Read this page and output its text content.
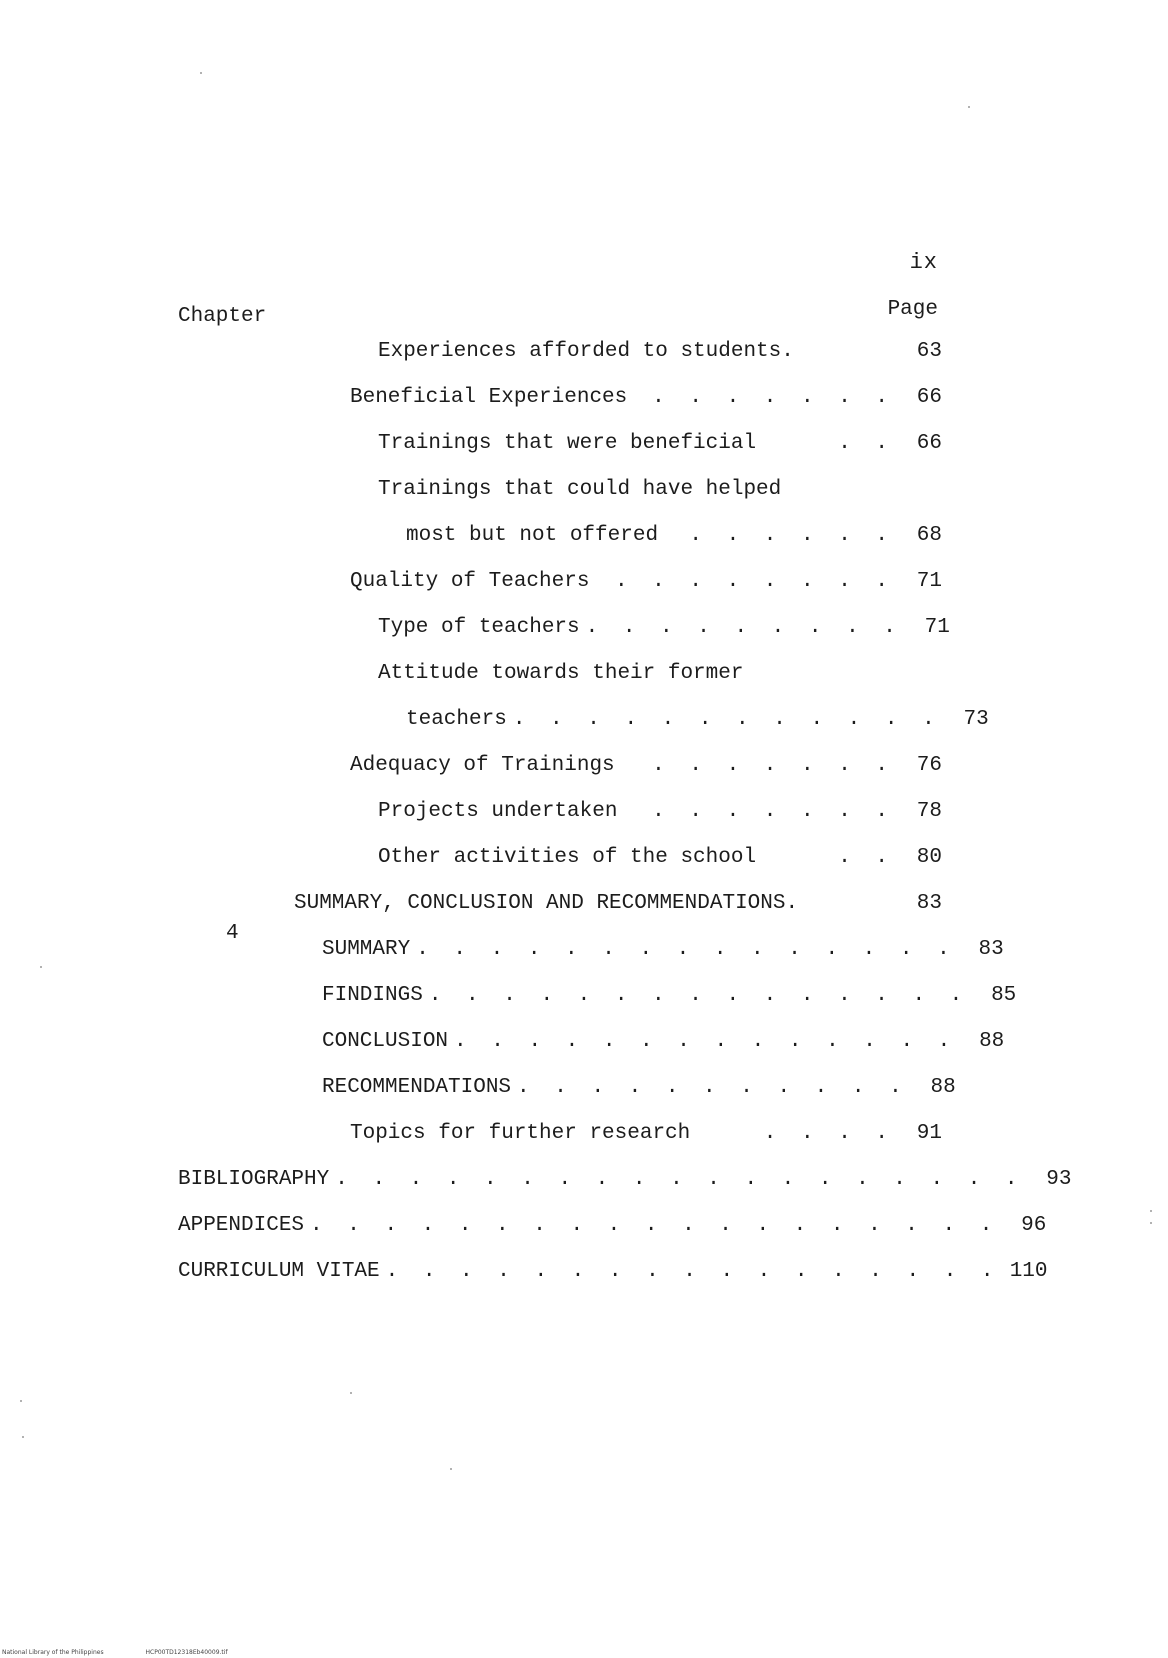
ix
Chapter	Page
Experiences afforded to students.	63
Beneficial Experiences	. . . . . . .	66
Trainings that were beneficial	. .	66
Trainings that could have helped
most but not offered	. . . . . .	68
Quality of Teachers	. . . . . . . .	71
Type of teachers . . . . . . . . .	71
Attitude towards their former
teachers . . . . . . . . . . . .	73
Adequacy of Trainings	. . . . . . .	76
Projects undertaken	. . . . . . .	78
Other activities of the school	. .	80
4
SUMMARY, CONCLUSION AND RECOMMENDATIONS.	83
SUMMARY . . . . . . . . . . . . . . .	83
FINDINGS . . . . . . . . . . . . . . .	85
CONCLUSION . . . . . . . . . . . . . .	88
RECOMMENDATIONS . . . . . . . . . . .	88
Topics for further research	. . . .	91
BIBLIOGRAPHY . . . . . . . . . . . . . . . . . . .	93
APPENDICES . . . . . . . . . . . . . . . . . . .	96
CURRICULUM VITAE . . . . . . . . . . . . . . . . . 110
National Library of the Philippines	HCP00TD12318Eb40009.tif
